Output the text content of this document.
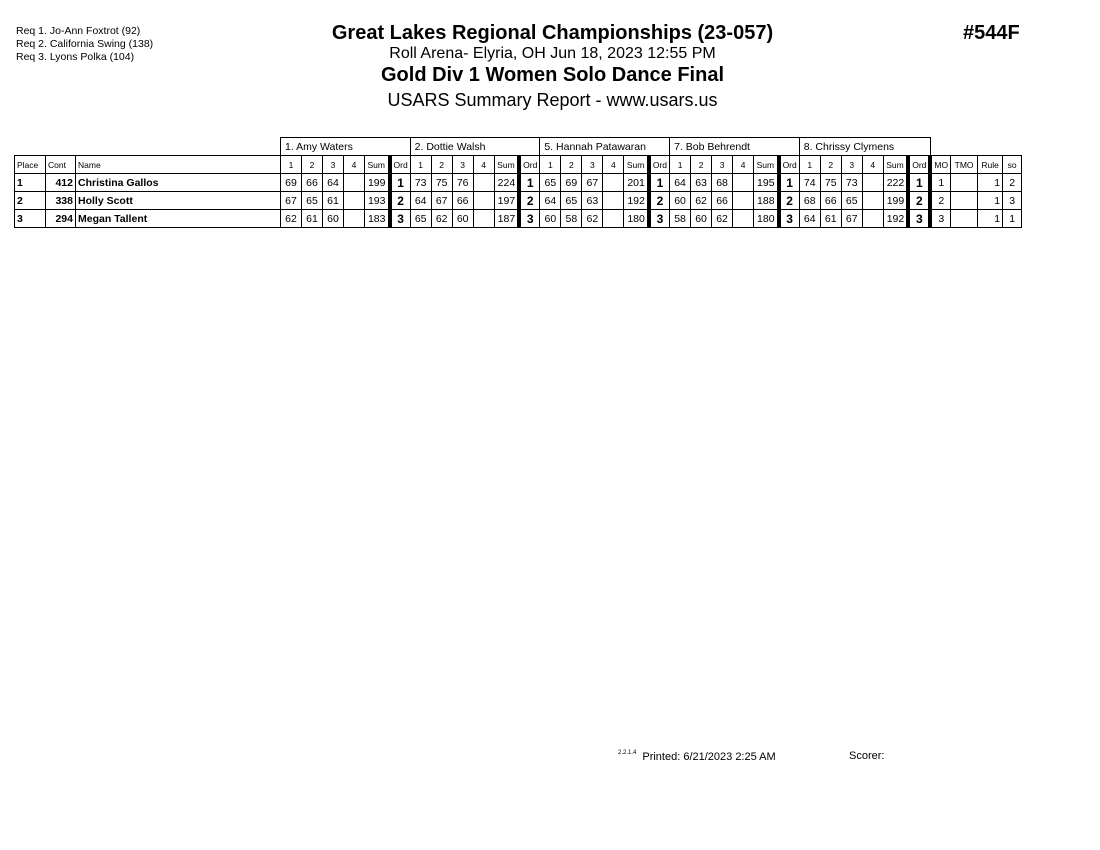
Req 1. Jo-Ann Foxtrot (92)
Req 2. California Swing (138)
Req 3. Lyons Polka (104)
Great Lakes Regional Championships (23-057)
Roll Arena- Elyria, OH Jun 18, 2023 12:55 PM
Gold Div 1 Women Solo Dance Final
USARS Summary Report - www.usars.us
#544F
			1. Amy Waters						2. Dottie Walsh						5. Hannah Patawaran						7. Bob Behrendt						8. Chrissy Clymens									
Place	Cont	Name	1	2	3	4	Sum	Ord	1	2	3	4	Sum	Ord	1	2	3	4	Sum	Ord	1	2	3	4	Sum	Ord	1	2	3	4	Sum	Ord	MO	TMO	Rule	so
1	412	Christina Gallos	69	66	64		199	1	73	75	76		224	1	65	69	67		201	1	64	63	68		195	1	74	75	73		222	1	1		1	2
2	338	Holly Scott	67	65	61		193	2	64	67	66		197	2	64	65	63		192	2	60	62	66		188	2	68	66	65		199	2	2		1	3
3	294	Megan Tallent	62	61	60		183	3	65	62	60		187	3	60	58	62		180	3	58	60	62		180	3	64	61	67		192	3	3		1	1
$^{2.2.1.4}$ Printed: 6/21/2023 2:25 AM	Scorer:
